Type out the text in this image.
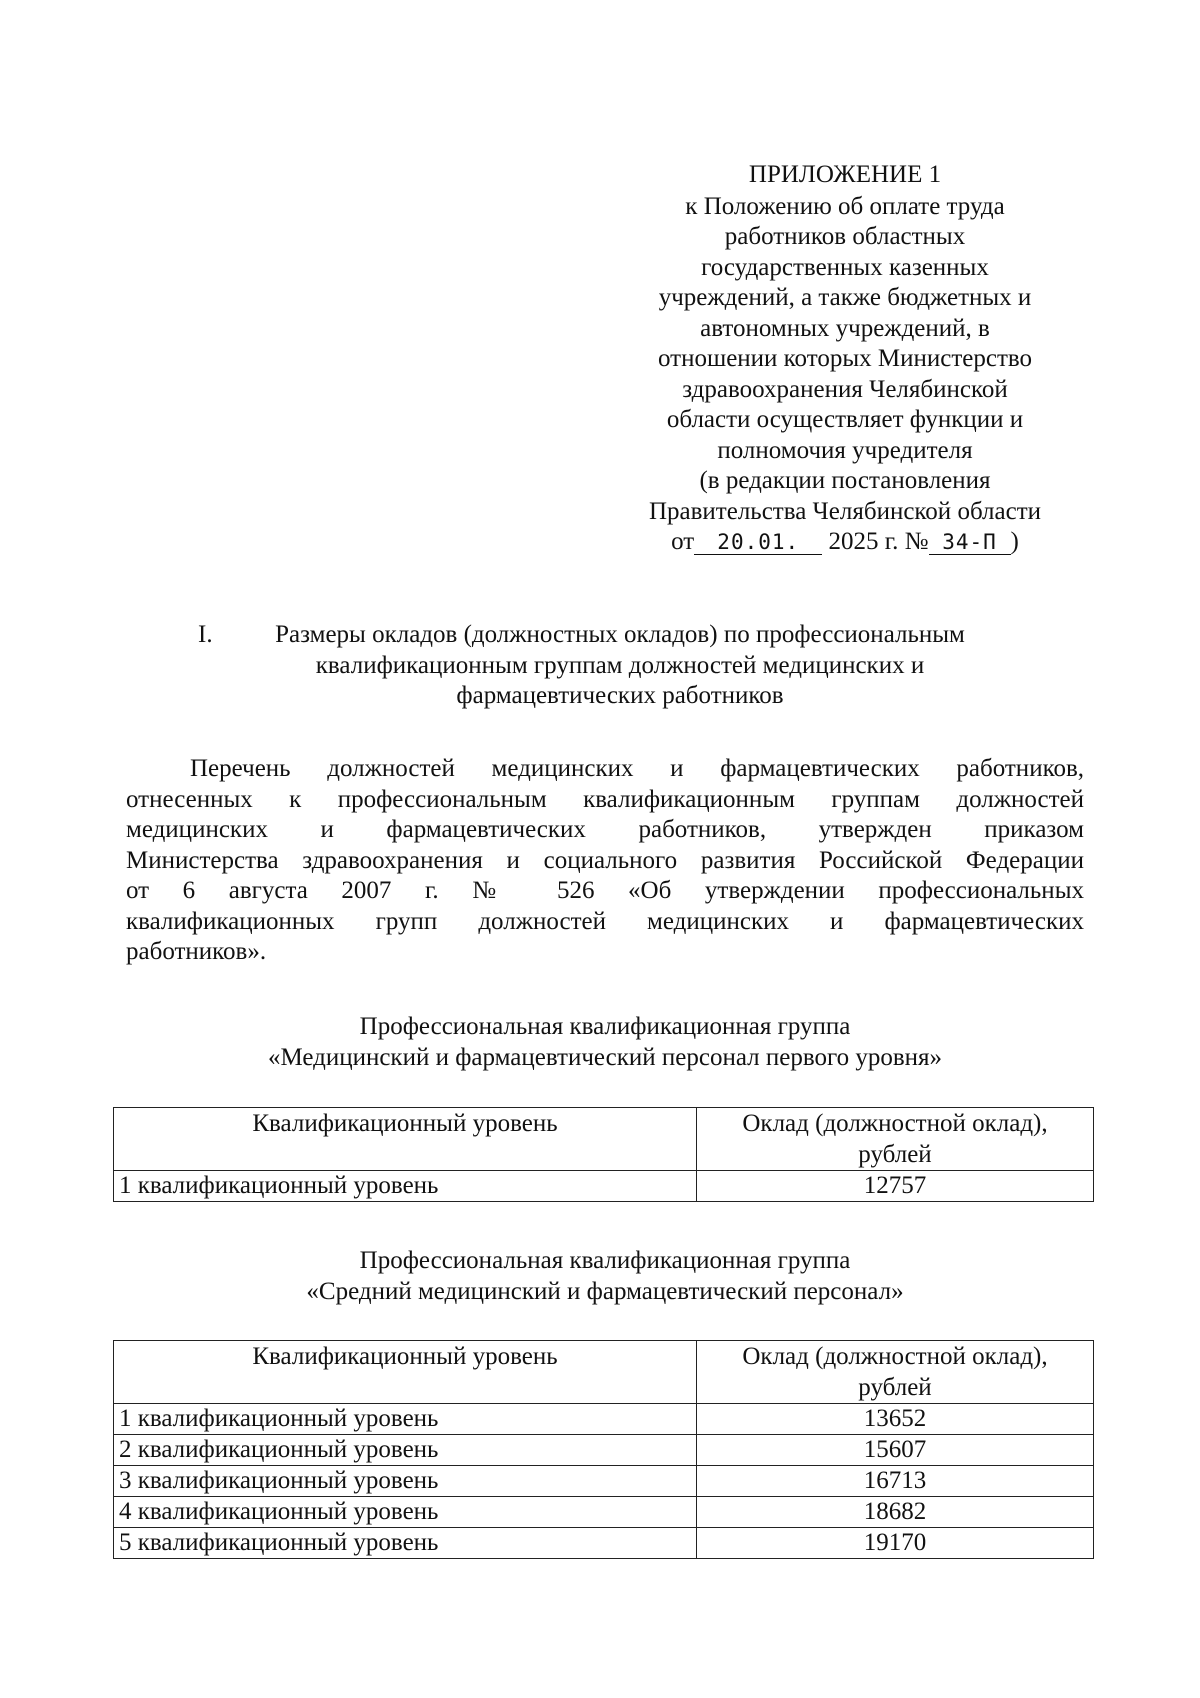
ПРИЛОЖЕНИЕ 1
к Положению об оплате труда
работников областных
государственных казенных
учреждений, а также бюджетных и
автономных учреждений, в
отношении которых Министерство
здравоохранения Челябинской
области осуществляет функции и
полномочия учредителя
(в редакции постановления
Правительства Челябинской области
от 20.01. 2025 г. № 34-П )
I.	Размеры окладов (должностных окладов) по профессиональным
квалификационным группам должностей медицинских и
фармацевтических работников
Перечень должностей медицинских и фармацевтических работников,
отнесенных к профессиональным квалификационным группам должностей
медицинских и фармацевтических работников, утвержден приказом
Министерства здравоохранения и социального развития Российской Федерации
от 6 августа 2007 г. № 526 «Об утверждении профессиональных
квалификационных групп должностей медицинских и фармацевтических
работников».
Профессиональная квалификационная группа
«Медицинский и фармацевтический персонал первого уровня»
Квалификационный уровень	Оклад (должностной оклад),
рублей
1 квалификационный уровень	12757
Профессиональная квалификационная группа
«Средний медицинский и фармацевтический персонал»
Квалификационный уровень	Оклад (должностной оклад),
рублей
1 квалификационный уровень	13652
2 квалификационный уровень	15607
3 квалификационный уровень	16713
4 квалификационный уровень	18682
5 квалификационный уровень	19170
